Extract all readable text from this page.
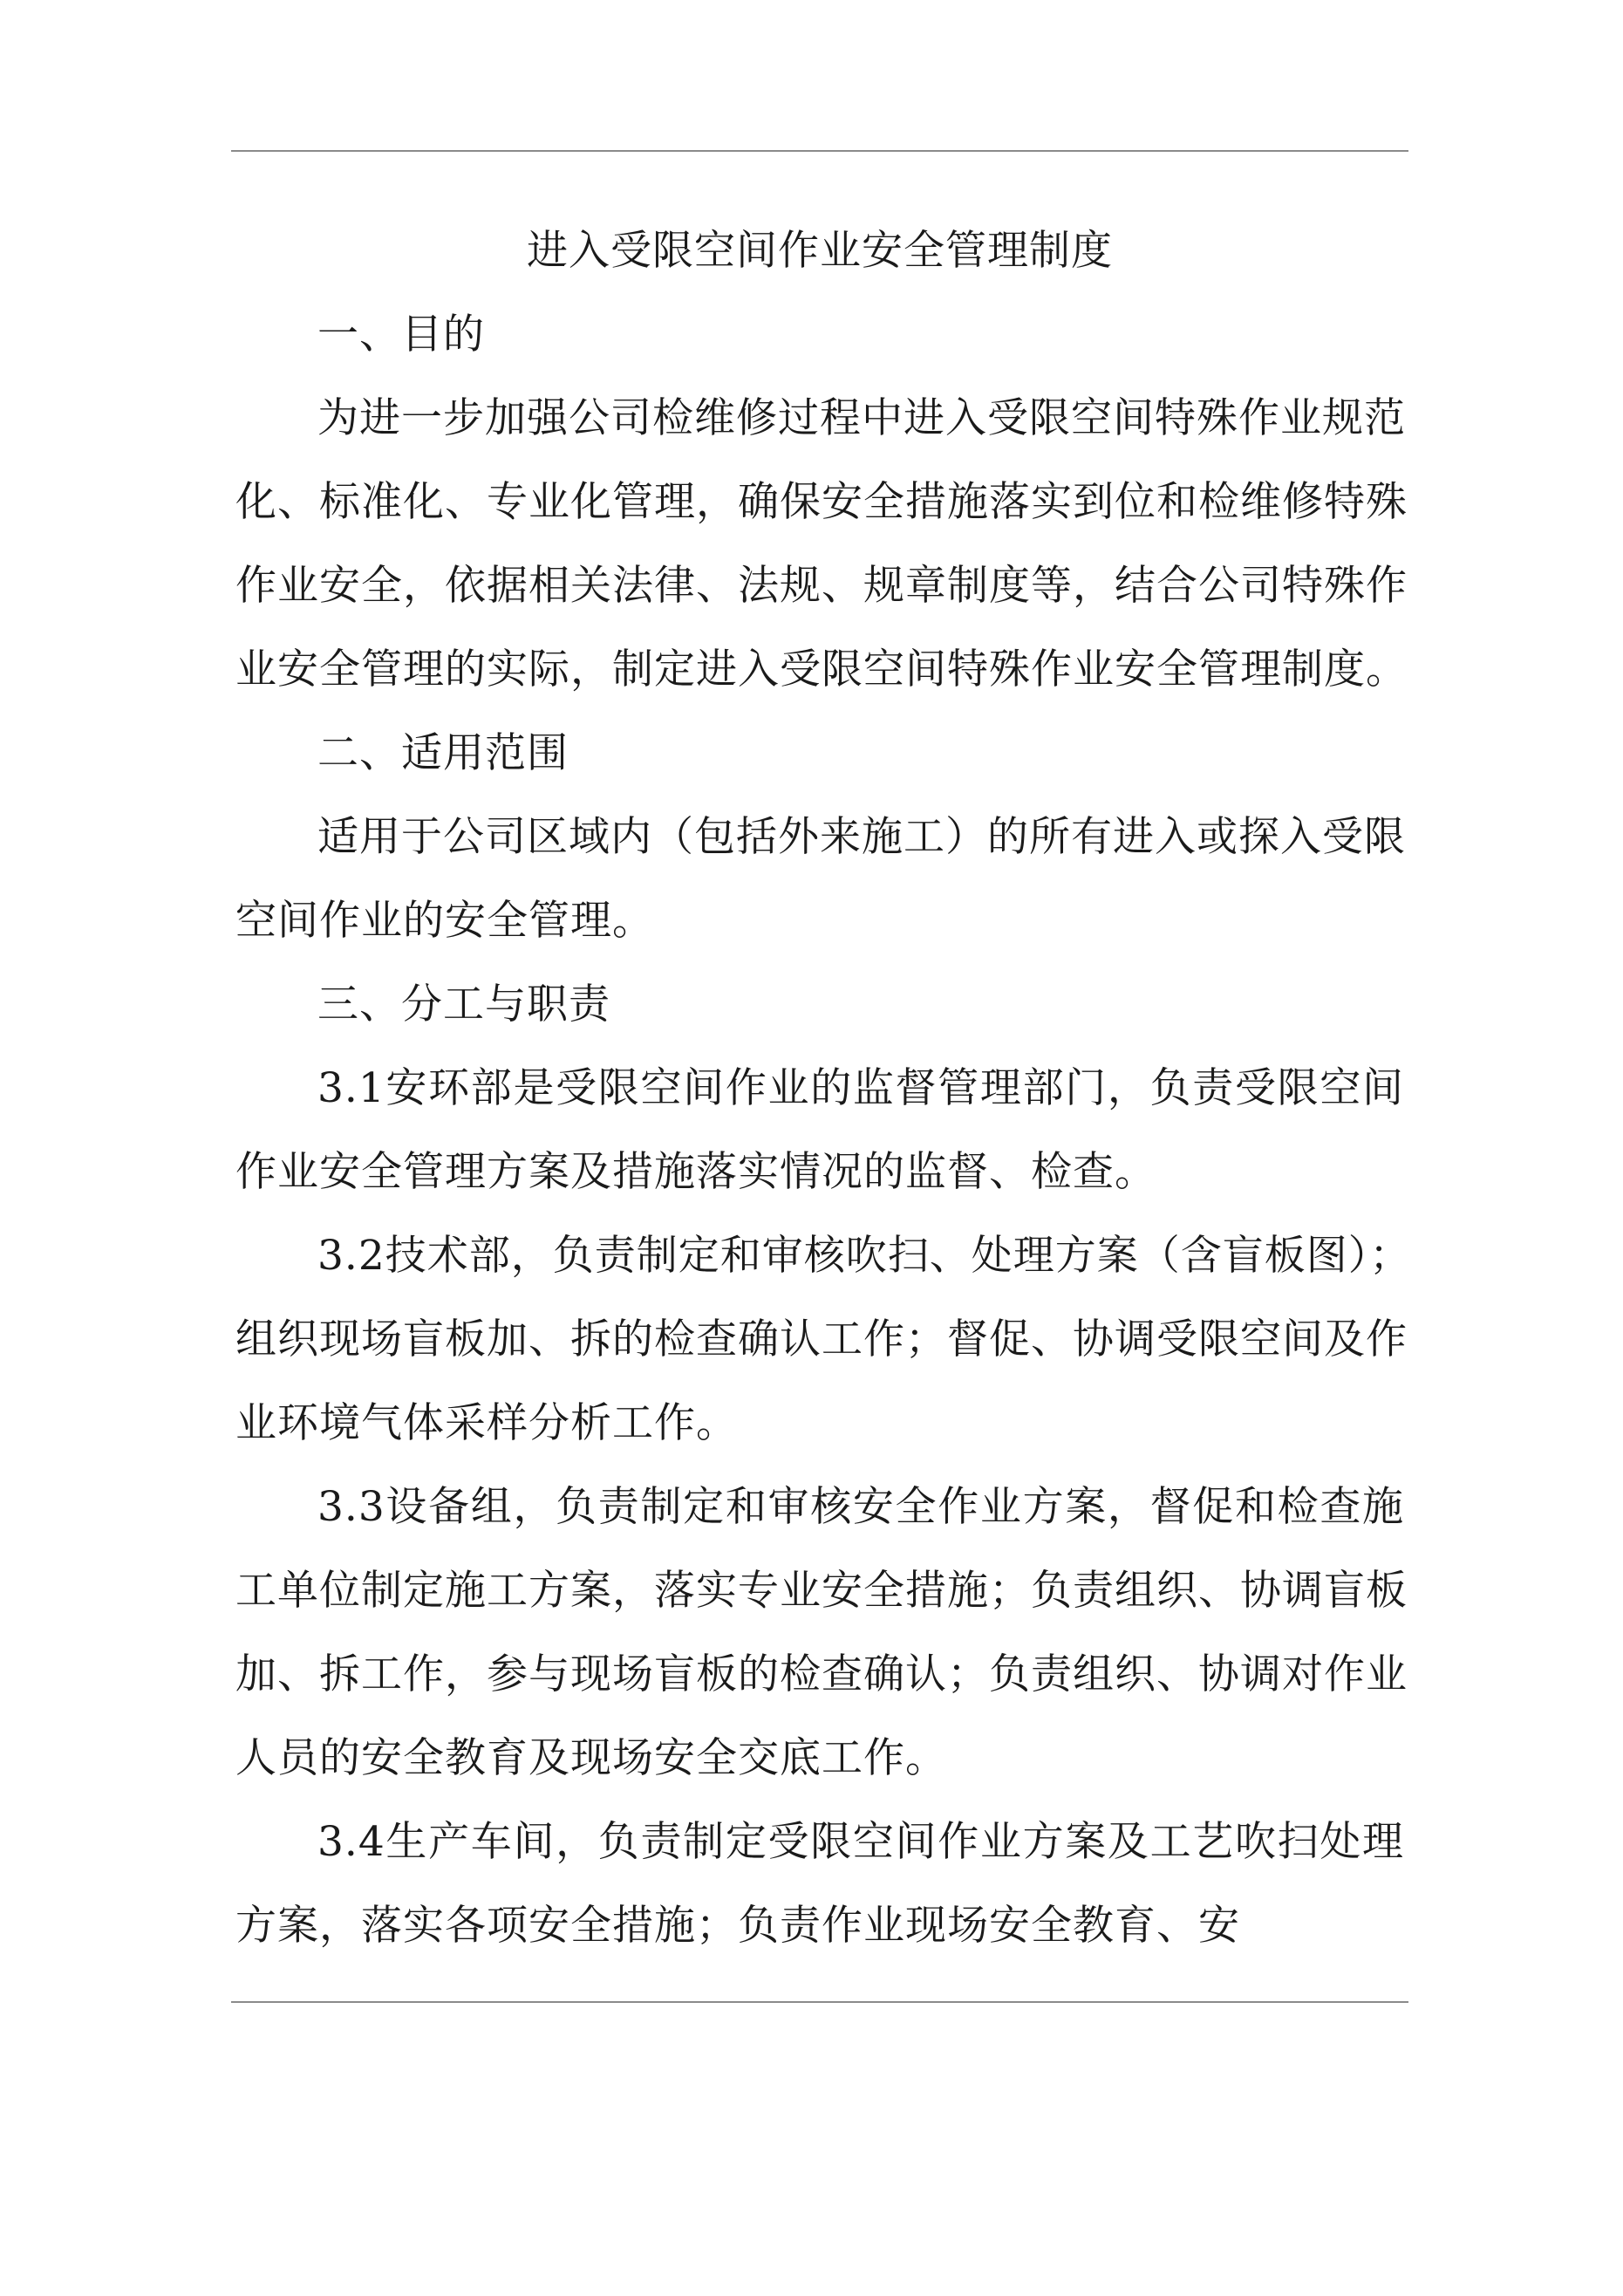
进入受限空间作业安全管理制度

一、目的

为进一步加强公司检维修过程中进入受限空间特殊作业规范

化、标准化、专业化管理，确保安全措施落实到位和检维修特殊

作业安全，依据相关法律、法规、规章制度等，结合公司特殊作

业安全管理的实际，制定进入受限空间特殊作业安全管理制度。

二、适用范围

适用于公司区域内（包括外来施工）的所有进入或探入受限

空间作业的安全管理。

三、分工与职责

3.1安环部是受限空间作业的监督管理部门，负责受限空间

作业安全管理方案及措施落实情况的监督、检查。

3.2技术部，负责制定和审核吹扫、处理方案（含盲板图）；

组织现场盲板加、拆的检查确认工作；督促、协调受限空间及作

业环境气体采样分析工作。

3.3设备组，负责制定和审核安全作业方案，督促和检查施

工单位制定施工方案，落实专业安全措施；负责组织、协调盲板

加、拆工作，参与现场盲板的检查确认；负责组织、协调对作业

人员的安全教育及现场安全交底工作。

3.4生产车间，负责制定受限空间作业方案及工艺吹扫处理

方案，落实各项安全措施；负责作业现场安全教育、安
